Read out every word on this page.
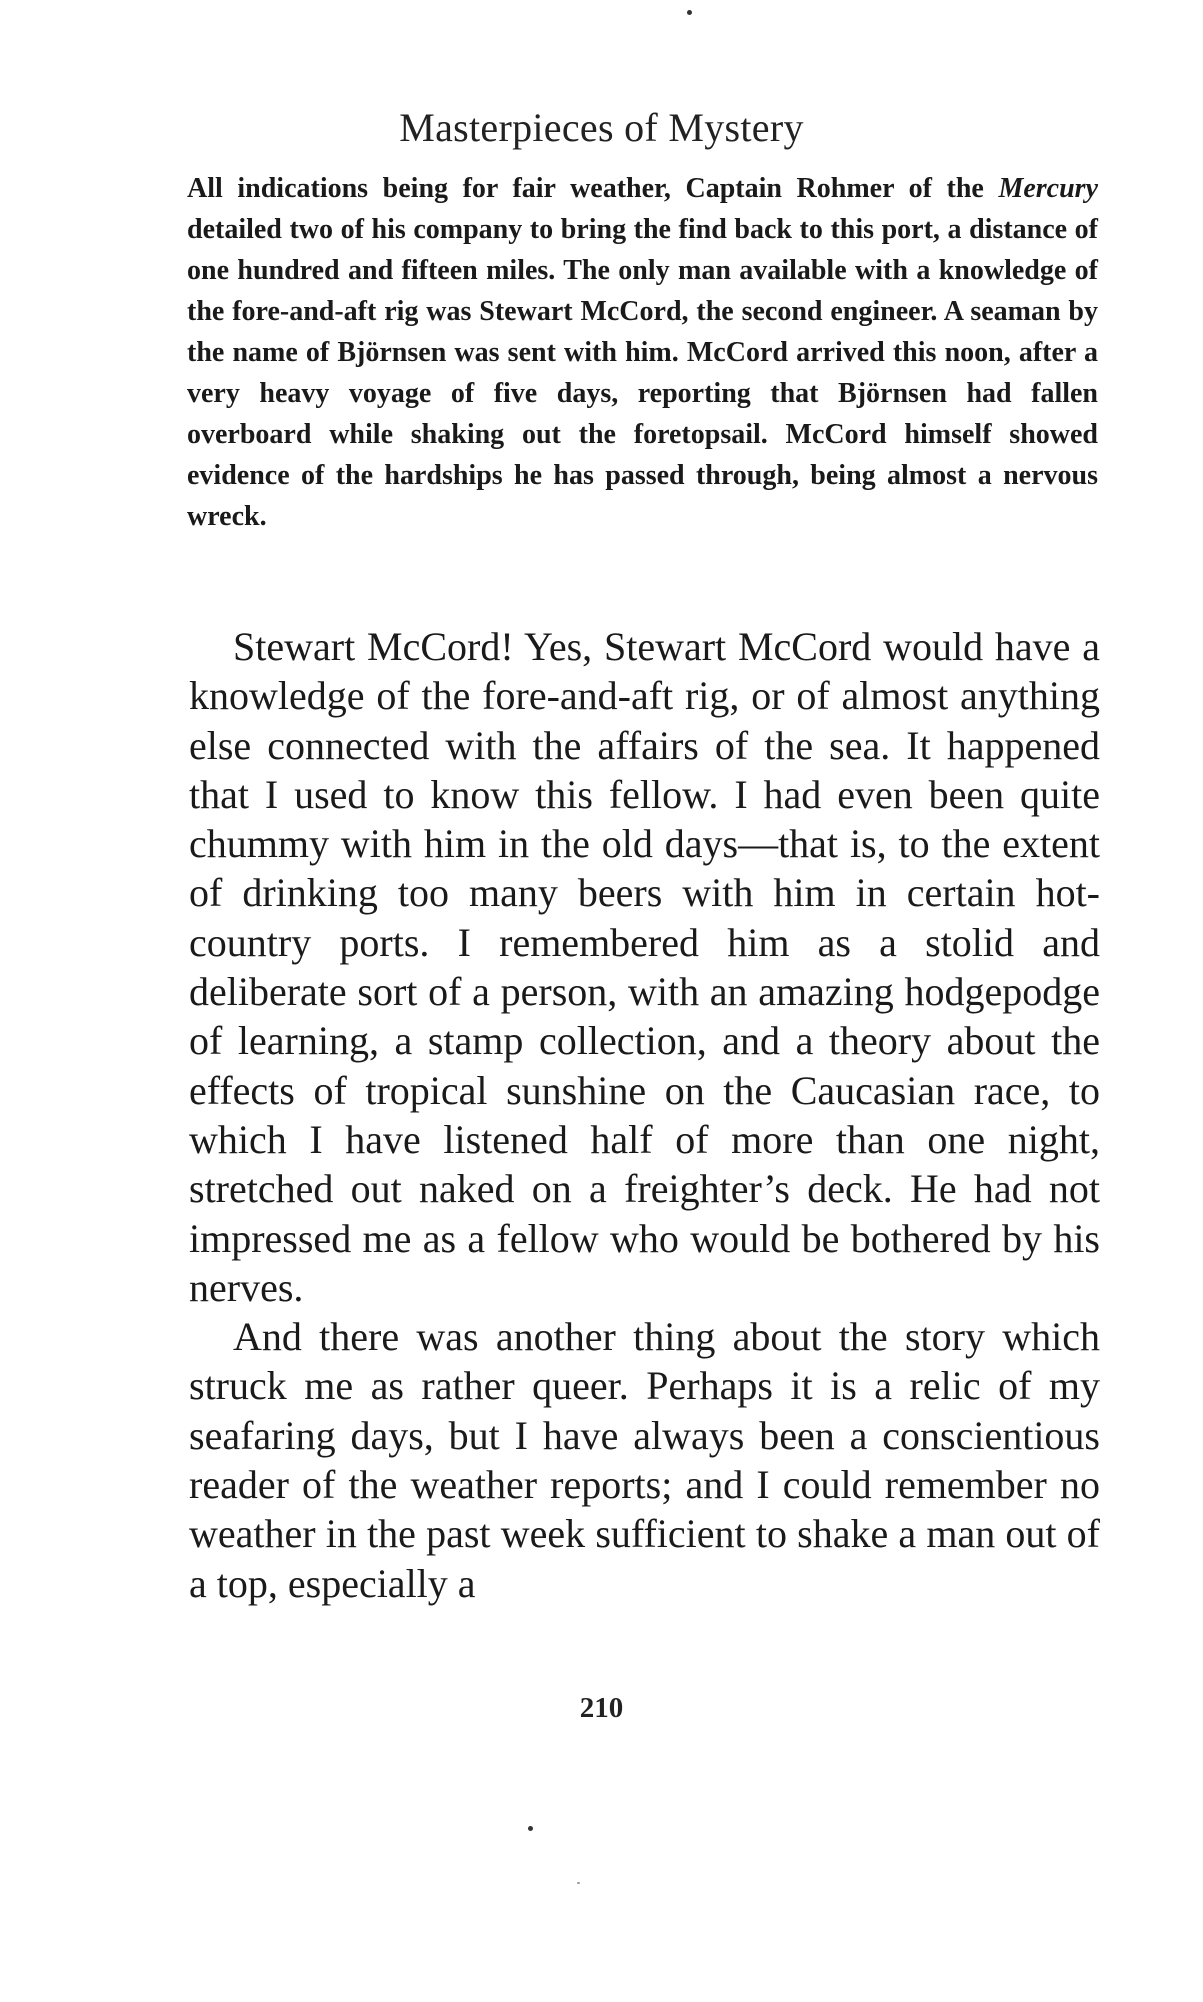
Masterpieces of Mystery
All indications being for fair weather, Captain Rohmer of the Mercury detailed two of his company to bring the find back to this port, a distance of one hundred and fifteen miles. The only man available with a knowledge of the fore-and-aft rig was Stewart McCord, the second engineer. A seaman by the name of Björnsen was sent with him. McCord arrived this noon, after a very heavy voyage of five days, reporting that Björnsen had fallen overboard while shaking out the foretopsail. McCord himself showed evidence of the hardships he has passed through, being almost a nervous wreck.

Stewart McCord! Yes, Stewart McCord would have a knowledge of the fore-and-aft rig, or of almost anything else connected with the affairs of the sea. It happened that I used to know this fellow. I had even been quite chummy with him in the old days—that is, to the extent of drinking too many beers with him in certain hot-country ports. I remembered him as a stolid and deliberate sort of a person, with an amazing hodgepodge of learning, a stamp collection, and a theory about the effects of tropical sunshine on the Caucasian race, to which I have listened half of more than one night, stretched out naked on a freighter’s deck. He had not impressed me as a fellow who would be bothered by his nerves.

And there was another thing about the story which struck me as rather queer. Perhaps it is a relic of my seafaring days, but I have always been a conscientious reader of the weather reports; and I could remember no weather in the past week sufficient to shake a man out of a top, especially a

210
